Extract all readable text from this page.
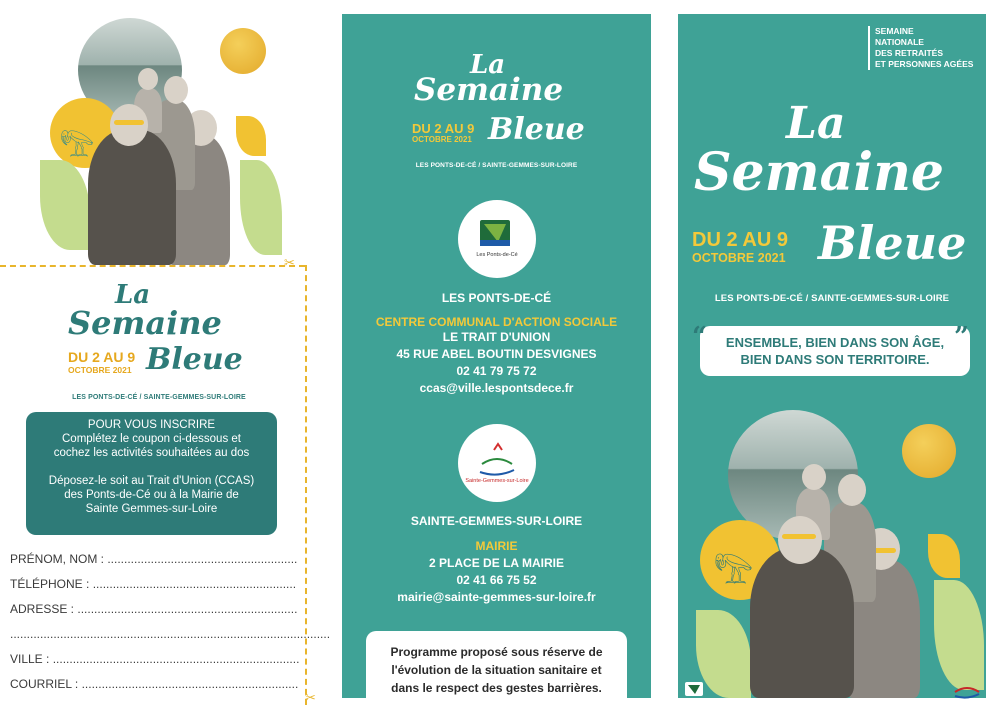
𓅟
✂
✂
La
Semaine
DU 2 AU 9
OCTOBRE 2021 Bleue
LES PONTS-DE-CÉ / SAINTE-GEMMES-SUR-LOIRE
POUR VOUS INSCRIRE
Complétez le coupon ci-dessous et
cochez les activités souhaitées au dos
Déposez-le soit au Trait d'Union (CCAS)
des Ponts-de-Cé ou à la Mairie de
Sainte Gemmes-sur-Loire
PRÉNOM, NOM : .........................................................
TÉLÉPHONE : .............................................................
ADRESSE : ..................................................................
................................................................................................
VILLE : ..........................................................................
COURRIEL : .................................................................
La
Semaine
DU 2 AU 9
OCTOBRE 2021 Bleue
LES PONTS-DE-CÉ / SAINTE-GEMMES-SUR-LOIRE
Les Ponts-de-Cé
LES PONTS-DE-CÉ
CENTRE COMMUNAL D'ACTION SOCIALE
LE TRAIT D'UNION
45 RUE ABEL BOUTIN DESVIGNES
02 41 79 75 72
ccas@ville.lespontsdece.fr
Sainte-Gemmes-sur-Loire
SAINTE-GEMMES-SUR-LOIRE
MAIRIE
2 PLACE DE LA MAIRIE
02 41 66 75 52
mairie@sainte-gemmes-sur-loire.fr
Programme proposé sous réserve de
l'évolution de la situation sanitaire et
dans le respect des gestes barrières.
SEMAINE
NATIONALE
DES RETRAITÉS
ET PERSONNES AGÉES
La
Semaine
DU 2 AU 9
OCTOBRE 2021 Bleue
LES PONTS-DE-CÉ / SAINTE-GEMMES-SUR-LOIRE
ENSEMBLE, BIEN DANS SON ÂGE,
BIEN DANS SON TERRITOIRE.
“	”
𓅟
